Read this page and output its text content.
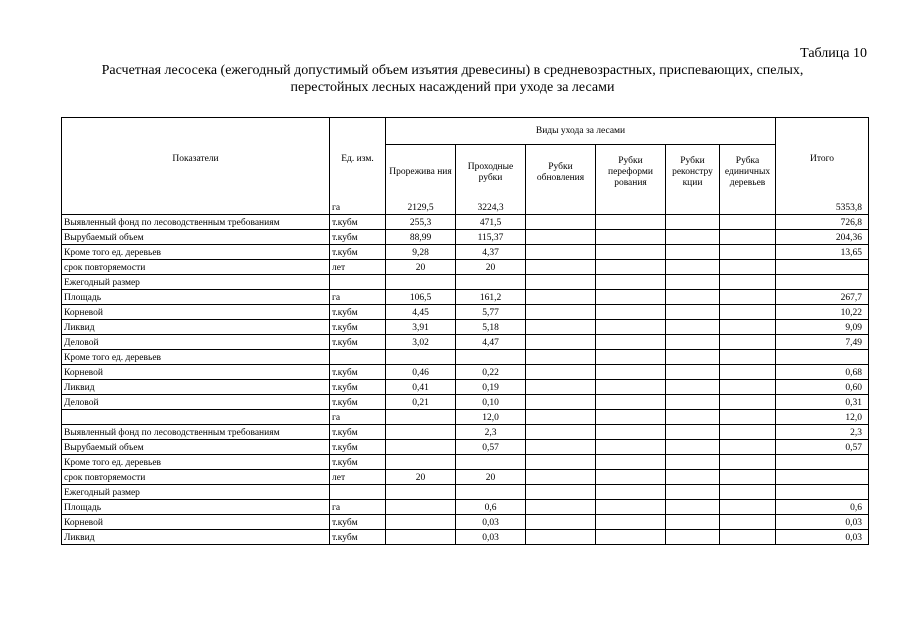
Таблица 10
Расчетная лесосека (ежегодный допустимый объем изъятия древесины) в средневозрастных, приспевающих, спелых,
перестойных лесных насаждений при уходе за лесами
Показатели	Ед. изм.	Виды ухода за лесами						Итого
		Прорежива ния	Проходные рубки	Рубки обновления	Рубки переформи рования	Рубки реконстру кции	Рубка единичных деревьев	
	га	2129,5	3224,3					5353,8
Выявленный фонд по лесоводственным требованиям	т.кубм	255,3	471,5					726,8
Вырубаемый объем	т.кубм	88,99	115,37					204,36
Кроме того ед. деревьев	т.кубм	9,28	4,37					13,65
срок повторяемости	лет	20	20					
Ежегодный размер								
Площадь	га	106,5	161,2					267,7
Корневой	т.кубм	4,45	5,77					10,22
Ликвид	т.кубм	3,91	5,18					9,09
Деловой	т.кубм	3,02	4,47					7,49
Кроме того ед. деревьев								
Корневой	т.кубм	0,46	0,22					0,68
Ликвид	т.кубм	0,41	0,19					0,60
Деловой	т.кубм	0,21	0,10					0,31
	га		12,0					12,0
Выявленный фонд по лесоводственным требованиям	т.кубм		2,3					2,3
Вырубаемый объем	т.кубм		0,57					0,57
Кроме того ед. деревьев	т.кубм							
срок повторяемости	лет	20	20					
Ежегодный размер								
Площадь	га		0,6					0,6
Корневой	т.кубм		0,03					0,03
Ликвид	т.кубм		0,03					0,03
